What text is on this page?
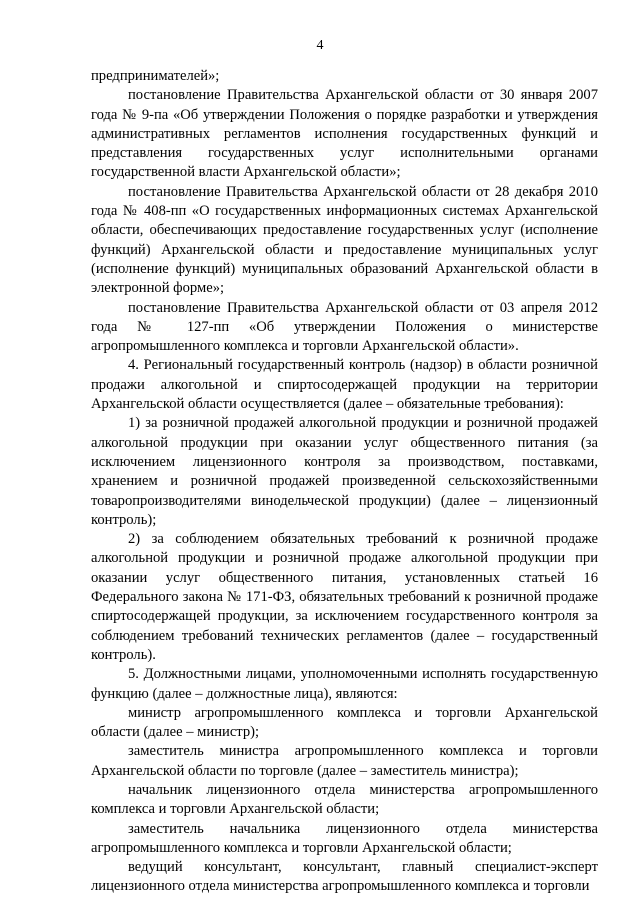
4

предпринимателей»;

постановление Правительства Архангельской области от 30 января 2007 года № 9-па «Об утверждении Положения о порядке разработки и утверждения административных регламентов исполнения государственных функций и представления государственных услуг исполнительными органами государственной власти Архангельской области»;

постановление Правительства Архангельской области от 28 декабря 2010 года № 408-пп «О государственных информационных системах Архангельской области, обеспечивающих предоставление государственных услуг (исполнение функций) Архангельской области и предоставление муниципальных услуг (исполнение функций) муниципальных образований Архангельской области в электронной форме»;

постановление Правительства Архангельской области от 03 апреля 2012 года № 127-пп «Об утверждении Положения о министерстве агропромышленного комплекса и торговли Архангельской области».

4. Региональный государственный контроль (надзор) в области розничной продажи алкогольной и спиртосодержащей продукции на территории Архангельской области осуществляется (далее – обязательные требования):

1) за розничной продажей алкогольной продукции и розничной продажей алкогольной продукции при оказании услуг общественного питания (за исключением лицензионного контроля за производством, поставками, хранением и розничной продажей произведенной сельскохозяйственными товаропроизводителями винодельческой продукции) (далее – лицензионный контроль);

2) за соблюдением обязательных требований к розничной продаже алкогольной продукции и розничной продаже алкогольной продукции при оказании услуг общественного питания, установленных статьей 16 Федерального закона № 171-ФЗ, обязательных требований к розничной продаже спиртосодержащей продукции, за исключением государственного контроля за соблюдением требований технических регламентов (далее – государственный контроль).

5. Должностными лицами, уполномоченными исполнять государственную функцию (далее – должностные лица), являются:

министр агропромышленного комплекса и торговли Архангельской области (далее – министр);

заместитель министра агропромышленного комплекса и торговли Архангельской области по торговле (далее – заместитель министра);

начальник лицензионного отдела министерства агропромышленного комплекса и торговли Архангельской области;

заместитель начальника лицензионного отдела министерства агропромышленного комплекса и торговли Архангельской области;

ведущий консультант, консультант, главный специалист-эксперт лицензионного отдела министерства агропромышленного комплекса и торговли
